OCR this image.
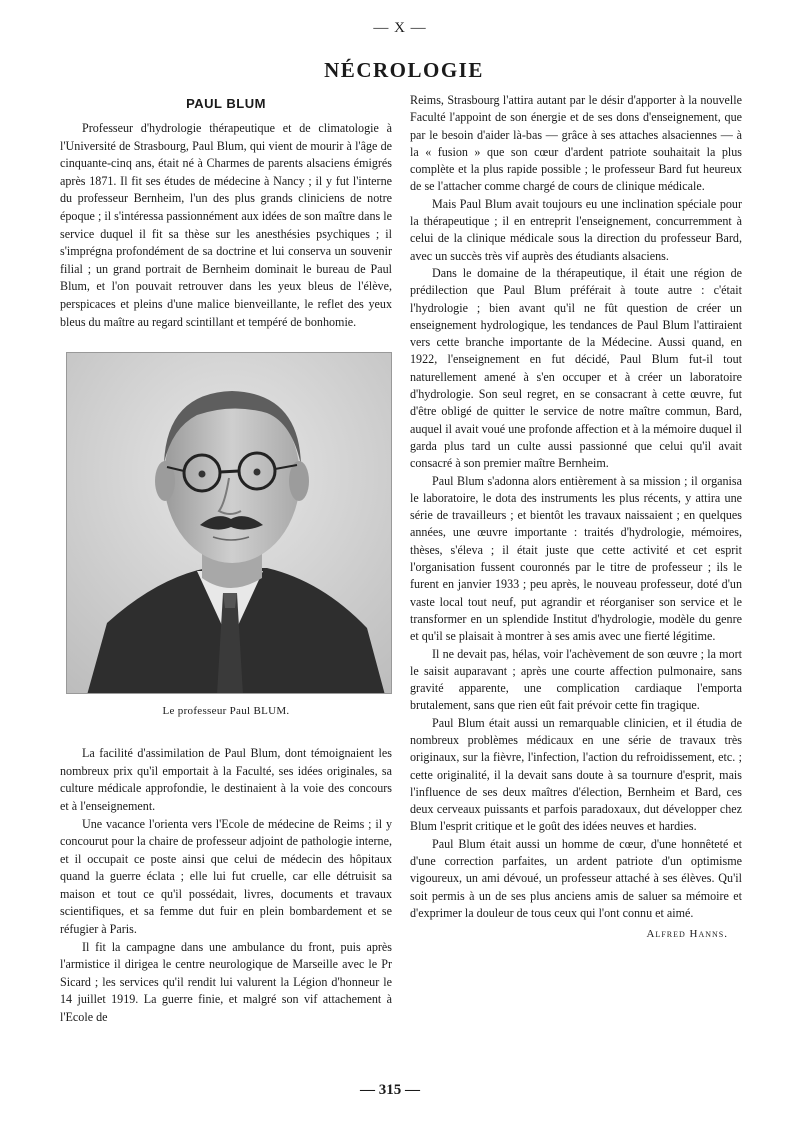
— X —
NÉCROLOGIE
PAUL BLUM

Professeur d'hydrologie thérapeutique et de climatologie à l'Université de Strasbourg, Paul Blum, qui vient de mourir à l'âge de cinquante-cinq ans, était né à Charmes de parents alsaciens émigrés après 1871. Il fit ses études de médecine à Nancy ; il y fut l'interne du professeur Bernheim, l'un des plus grands cliniciens de notre époque ; il s'intéressa passionnément aux idées de son maître dans le service duquel il fit sa thèse sur les anesthésies psychiques ; il s'imprégna profondément de sa doctrine et lui conserva un souvenir filial ; un grand portrait de Bernheim dominait le bureau de Paul Blum, et l'on pouvait retrouver dans les yeux bleus de l'élève, perspicaces et pleins d'une malice bienveillante, le reflet des yeux bleus du maître au regard scintillant et tempéré de bonhomie.

Le professeur Paul BLUM.

La facilité d'assimilation de Paul Blum, dont témoignaient les nombreux prix qu'il emportait à la Faculté, ses idées originales, sa culture médicale approfondie, le destinaient à la voie des concours et à l'enseignement.

Une vacance l'orienta vers l'Ecole de médecine de Reims ; il y concourut pour la chaire de professeur adjoint de pathologie interne, et il occupait ce poste ainsi que celui de médecin des hôpitaux quand la guerre éclata ; elle lui fut cruelle, car elle détruisit sa maison et tout ce qu'il possédait, livres, documents et travaux scientifiques, et sa femme dut fuir en plein bombardement et se réfugier à Paris.

Il fit la campagne dans une ambulance du front, puis après l'armistice il dirigea le centre neurologique de Marseille avec le Pr Sicard ; les services qu'il rendit lui valurent la Légion d'honneur le 14 juillet 1919. La guerre finie, et malgré son vif attachement à l'Ecole de

Reims, Strasbourg l'attira autant par le désir d'apporter à la nouvelle Faculté l'appoint de son énergie et de ses dons d'enseignement, que par le besoin d'aider là-bas — grâce à ses attaches alsaciennes — à la « fusion » que son cœur d'ardent patriote souhaitait la plus complète et la plus rapide possible ; le professeur Bard fut heureux de se l'attacher comme chargé de cours de clinique médicale.

Mais Paul Blum avait toujours eu une inclination spéciale pour la thérapeutique ; il en entreprit l'enseignement, concurremment à celui de la clinique médicale sous la direction du professeur Bard, avec un succès très vif auprès des étudiants alsaciens.

Dans le domaine de la thérapeutique, il était une région de prédilection que Paul Blum préférait à toute autre : c'était l'hydrologie ; bien avant qu'il ne fût question de créer un enseignement hydrologique, les tendances de Paul Blum l'attiraient vers cette branche importante de la Médecine. Aussi quand, en 1922, l'enseignement en fut décidé, Paul Blum fut-il tout naturellement amené à s'en occuper et à créer un laboratoire d'hydrologie. Son seul regret, en se consacrant à cette œuvre, fut d'être obligé de quitter le service de notre maître commun, Bard, auquel il avait voué une profonde affection et à la mémoire duquel il garda plus tard un culte aussi passionné que celui qu'il avait consacré à son premier maître Bernheim.

Paul Blum s'adonna alors entièrement à sa mission ; il organisa le laboratoire, le dota des instruments les plus récents, y attira une série de travailleurs ; et bientôt les travaux naissaient ; en quelques années, une œuvre importante : traités d'hydrologie, mémoires, thèses, s'éleva ; il était juste que cette activité et cet esprit l'organisation fussent couronnés par le titre de professeur ; ils le furent en janvier 1933 ; peu après, le nouveau professeur, doté d'un vaste local tout neuf, put agrandir et réorganiser son service et le transformer en un splendide Institut d'hydrologie, modèle du genre et qu'il se plaisait à montrer à ses amis avec une fierté légitime.

Il ne devait pas, hélas, voir l'achèvement de son œuvre ; la mort le saisit auparavant ; après une courte affection pulmonaire, sans gravité apparente, une complication cardiaque l'emporta brutalement, sans que rien eût fait prévoir cette fin tragique.

Paul Blum était aussi un remarquable clinicien, et il étudia de nombreux problèmes médicaux en une série de travaux très originaux, sur la fièvre, l'infection, l'action du refroidissement, etc. ; cette originalité, il la devait sans doute à sa tournure d'esprit, mais l'influence de ses deux maîtres d'élection, Bernheim et Bard, ces deux cerveaux puissants et parfois paradoxaux, dut développer chez Blum l'esprit critique et le goût des idées neuves et hardies.

Paul Blum était aussi un homme de cœur, d'une honnêteté et d'une correction parfaites, un ardent patriote d'un optimisme vigoureux, un ami dévoué, un professeur attaché à ses élèves. Qu'il soit permis à un de ses plus anciens amis de saluer sa mémoire et d'exprimer la douleur de tous ceux qui l'ont connu et aimé.

Alfred Hanns.
— 315 —
